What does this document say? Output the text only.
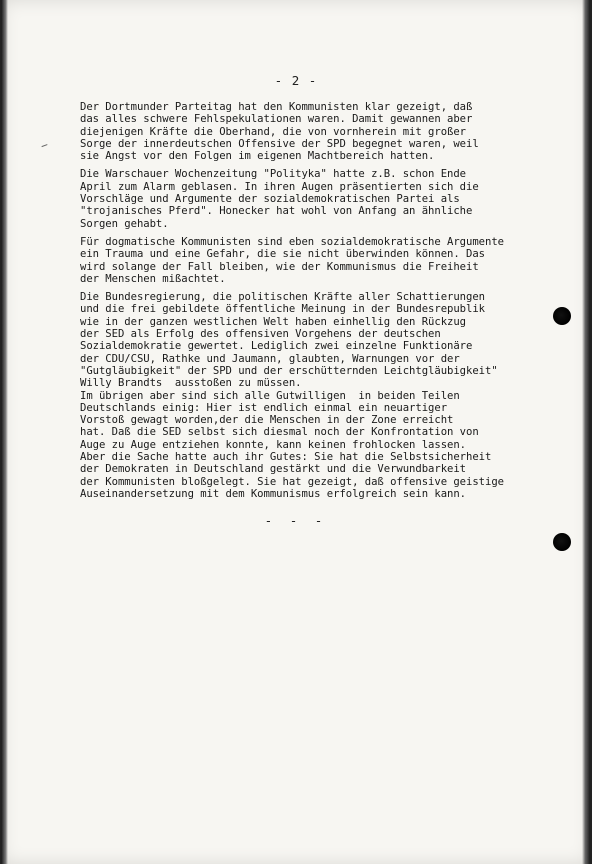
- 2 -
Der Dortmunder Parteitag hat den Kommunisten klar gezeigt, daß
das alles schwere Fehlspekulationen waren. Damit gewannen aber
diejenigen Kräfte die Oberhand, die von vornherein mit großer
Sorge der innerdeutschen Offensive der SPD begegnet waren, weil
sie Angst vor den Folgen im eigenen Machtbereich hatten.
Die Warschauer Wochenzeitung "Polityka" hatte z.B. schon Ende
April zum Alarm geblasen. In ihren Augen präsentierten sich die
Vorschläge und Argumente der sozialdemokratischen Partei als
"trojanisches Pferd". Honecker hat wohl von Anfang an ähnliche
Sorgen gehabt.
Für dogmatische Kommunisten sind eben sozialdemokratische Argumente
ein Trauma und eine Gefahr, die sie nicht überwinden können. Das
wird solange der Fall bleiben, wie der Kommunismus die Freiheit
der Menschen mißachtet.
Die Bundesregierung, die politischen Kräfte aller Schattierungen
und die frei gebildete öffentliche Meinung in der Bundesrepublik
wie in der ganzen westlichen Welt haben einhellig den Rückzug
der SED als Erfolg des offensiven Vorgehens der deutschen
Sozialdemokratie gewertet. Lediglich zwei einzelne Funktionäre
der CDU/CSU, Rathke und Jaumann, glaubten, Warnungen vor der
"Gutgläubigkeit" der SPD und der erschütternden Leichtgläubigkeit"
Willy Brandts  ausstoßen zu müssen.
Im übrigen aber sind sich alle Gutwilligen  in beiden Teilen
Deutschlands einig: Hier ist endlich einmal ein neuartiger
Vorstoß gewagt worden,der die Menschen in der Zone erreicht
hat. Daß die SED selbst sich diesmal noch der Konfrontation von
Auge zu Auge entziehen konnte, kann keinen frohlocken lassen.
Aber die Sache hatte auch ihr Gutes: Sie hat die Selbstsicherheit
der Demokraten in Deutschland gestärkt und die Verwundbarkeit
der Kommunisten bloßgelegt. Sie hat gezeigt, daß offensive geistige
Auseinandersetzung mit dem Kommunismus erfolgreich sein kann.
- - -
